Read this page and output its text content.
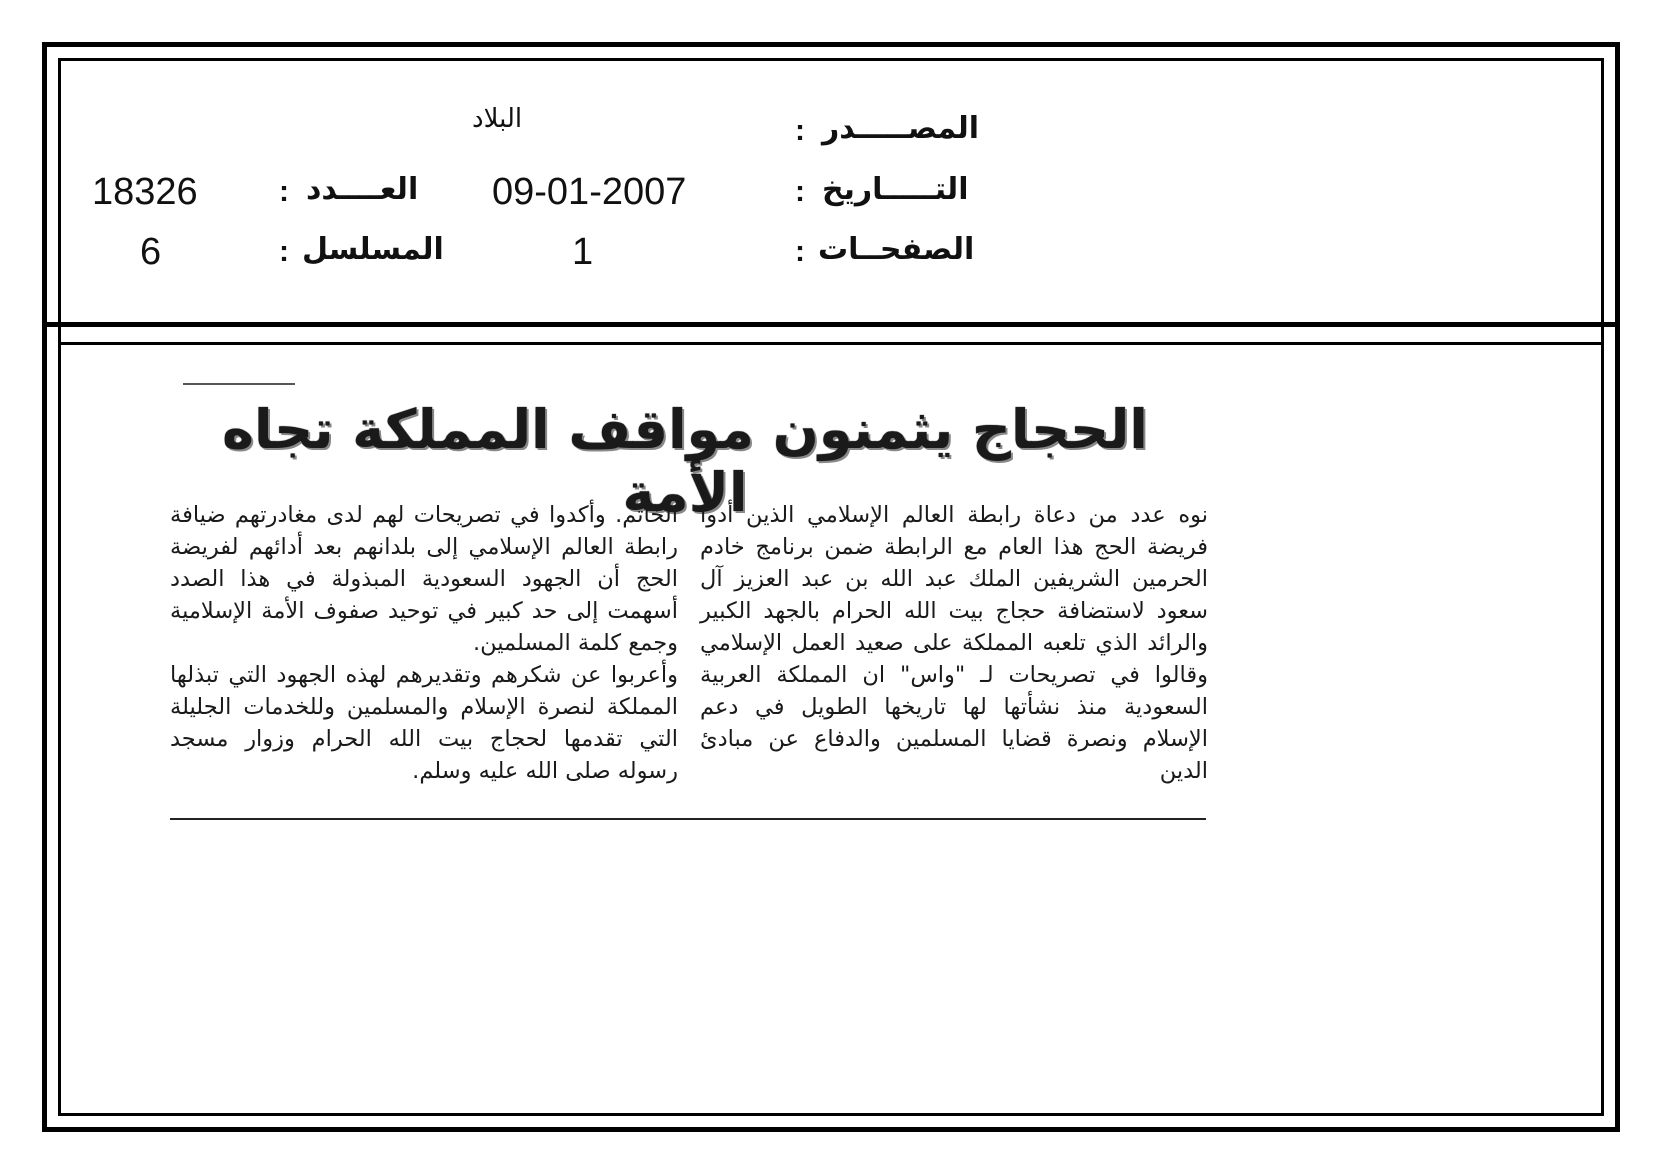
المصـــــدر
:
البلاد
التـــــاريخ
:
09-01-2007
العــــدد
:
18326
الصفحــات
:
1
المسلسل
:
6
الحجاج يثمنون مواقف المملكة تجاه الأمة

نوه عدد من دعاة رابطة العالم الإسلامي الذين أدوا فريضة الحج هذا العام مع الرابطة ضمن برنامج خادم الحرمين الشريفين الملك عبد الله بن عبد العزيز آل سعود لاستضافة حجاج بيت الله الحرام بالجهد الكبير والرائد الذي تلعبه المملكة على صعيد العمل الإسلامي وقالوا في تصريحات لـ "واس" ان المملكة العربية السعودية منذ نشأتها لها تاريخها الطويل في دعم الإسلام ونصرة قضايا المسلمين والدفاع عن مبادئ الدين

الخاتم. وأكدوا في تصريحات لهم لدى مغادرتهم ضيافة رابطة العالم الإسلامي إلى بلدانهم بعد أدائهم لفريضة الحج أن الجهود السعودية المبذولة في هذا الصدد أسهمت إلى حد كبير في توحيد صفوف الأمة الإسلامية وجمع كلمة المسلمين.

وأعربوا عن شكرهم وتقديرهم لهذه الجهود التي تبذلها المملكة لنصرة الإسلام والمسلمين وللخدمات الجليلة التي تقدمها لحجاج بيت الله الحرام وزوار مسجد رسوله صلى الله عليه وسلم.
